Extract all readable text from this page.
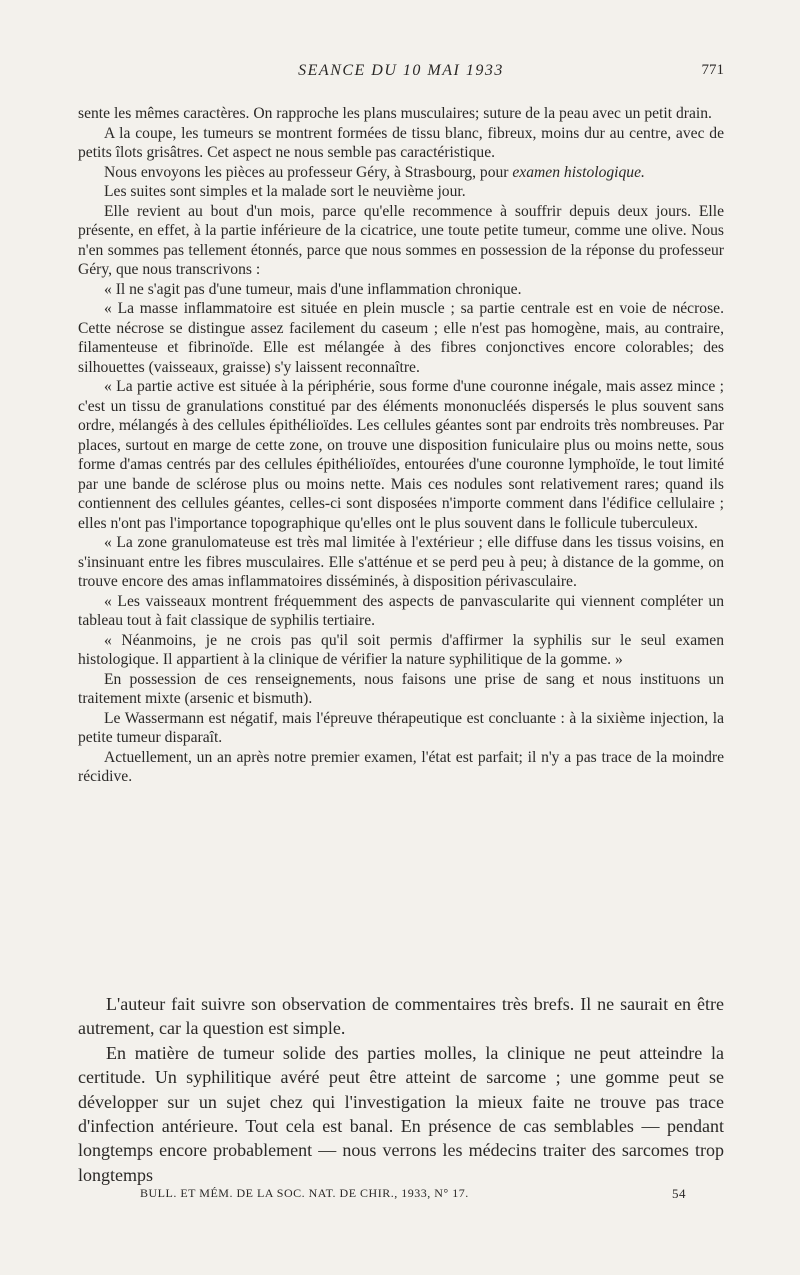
SEANCE DU 10 MAI 1933	771

sente les mêmes caractères. On rapproche les plans musculaires; suture de la peau avec un petit drain.

A la coupe, les tumeurs se montrent formées de tissu blanc, fibreux, moins dur au centre, avec de petits îlots grisâtres. Cet aspect ne nous semble pas caractéristique.

Nous envoyons les pièces au professeur Géry, à Strasbourg, pour examen histologique.

Les suites sont simples et la malade sort le neuvième jour.

Elle revient au bout d'un mois, parce qu'elle recommence à souffrir depuis deux jours. Elle présente, en effet, à la partie inférieure de la cicatrice, une toute petite tumeur, comme une olive. Nous n'en sommes pas tellement étonnés, parce que nous sommes en possession de la réponse du professeur Géry, que nous transcrivons :

« Il ne s'agit pas d'une tumeur, mais d'une inflammation chronique.

« La masse inflammatoire est située en plein muscle ; sa partie centrale est en voie de nécrose. Cette nécrose se distingue assez facilement du caseum ; elle n'est pas homogène, mais, au contraire, filamenteuse et fibrinoïde. Elle est mélangée à des fibres conjonctives encore colorables; des silhouettes (vaisseaux, graisse) s'y laissent reconnaître.

« La partie active est située à la périphérie, sous forme d'une couronne inégale, mais assez mince ; c'est un tissu de granulations constitué par des éléments mononucléés dispersés le plus souvent sans ordre, mélangés à des cellules épithélioïdes. Les cellules géantes sont par endroits très nombreuses. Par places, surtout en marge de cette zone, on trouve une disposition funiculaire plus ou moins nette, sous forme d'amas centrés par des cellules épithélioïdes, entourées d'une couronne lymphoïde, le tout limité par une bande de sclérose plus ou moins nette. Mais ces nodules sont relativement rares; quand ils contiennent des cellules géantes, celles-ci sont disposées n'importe comment dans l'édifice cellulaire ; elles n'ont pas l'importance topographique qu'elles ont le plus souvent dans le follicule tuberculeux.

« La zone granulomateuse est très mal limitée à l'extérieur ; elle diffuse dans les tissus voisins, en s'insinuant entre les fibres musculaires. Elle s'atténue et se perd peu à peu; à distance de la gomme, on trouve encore des amas inflammatoires disséminés, à disposition périvasculaire.

« Les vaisseaux montrent fréquemment des aspects de panvascularite qui viennent compléter un tableau tout à fait classique de syphilis tertiaire.

« Néanmoins, je ne crois pas qu'il soit permis d'affirmer la syphilis sur le seul examen histologique. Il appartient à la clinique de vérifier la nature syphilitique de la gomme. »

En possession de ces renseignements, nous faisons une prise de sang et nous instituons un traitement mixte (arsenic et bismuth).

Le Wassermann est négatif, mais l'épreuve thérapeutique est concluante : à la sixième injection, la petite tumeur disparaît.

Actuellement, un an après notre premier examen, l'état est parfait; il n'y a pas trace de la moindre récidive.

L'auteur fait suivre son observation de commentaires très brefs. Il ne saurait en être autrement, car la question est simple.

En matière de tumeur solide des parties molles, la clinique ne peut atteindre la certitude. Un syphilitique avéré peut être atteint de sarcome ; une gomme peut se développer sur un sujet chez qui l'investigation la mieux faite ne trouve pas trace d'infection antérieure. Tout cela est banal. En présence de cas semblables — pendant longtemps encore probablement — nous verrons les médecins traiter des sarcomes trop longtemps

BULL. ET MÉM. DE LA SOC. NAT. DE CHIR., 1933, N° 17.	54
